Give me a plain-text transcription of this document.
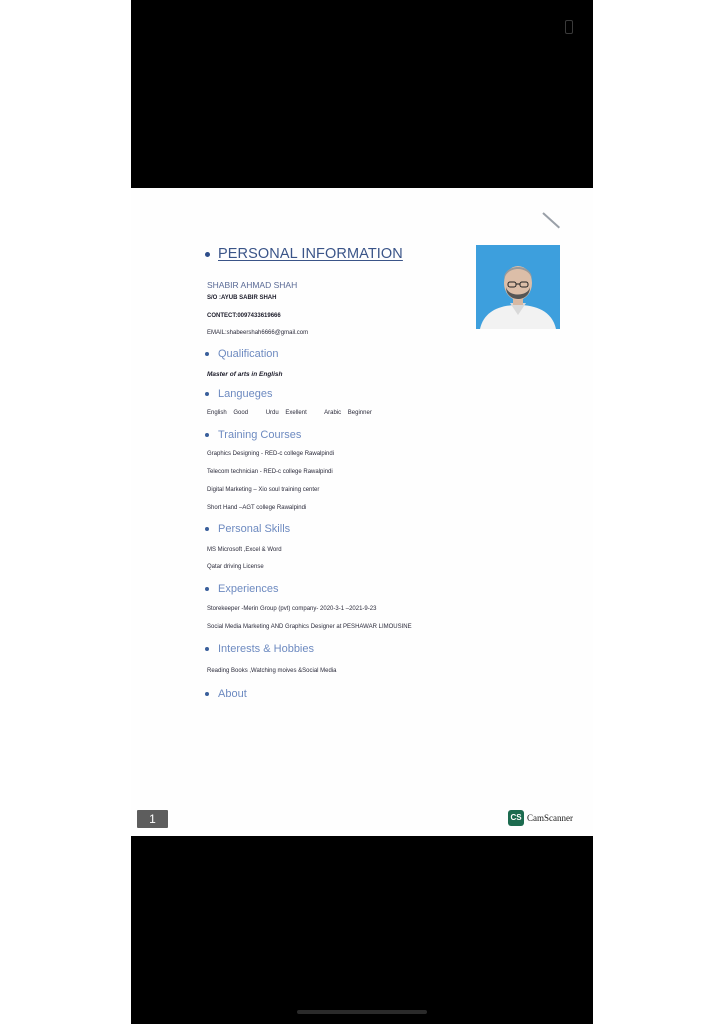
PERSONAL INFORMATION
SHABIR AHMAD SHAH
S/O :AYUB SABIR SHAH
CONTECT:0097433619666
EMAIL:shabeershah6666@gmail.com
Qualification
Master of arts in English
Langueges
English Good	Urdu Exellent	Arabic Beginner
Training Courses
Graphics Designing - RED-c college Rawalpindi
Telecom technician - RED-c college Rawalpindi
Digital Marketing – Xio soul training center
Short Hand –AGT college Rawalpindi
Personal Skills
MS Microsoft ,Excel & Word
Qatar driving License
Experiences
Storekeeper -Merin Group (pvt) company- 2020-3-1 –2021-9-23
Social Media Marketing AND Graphics Designer at PESHAWAR LIMOUSINE
Interests & Hobbies
Reading Books ,Watching moives &Social Media
About
1	CS CamScanner
